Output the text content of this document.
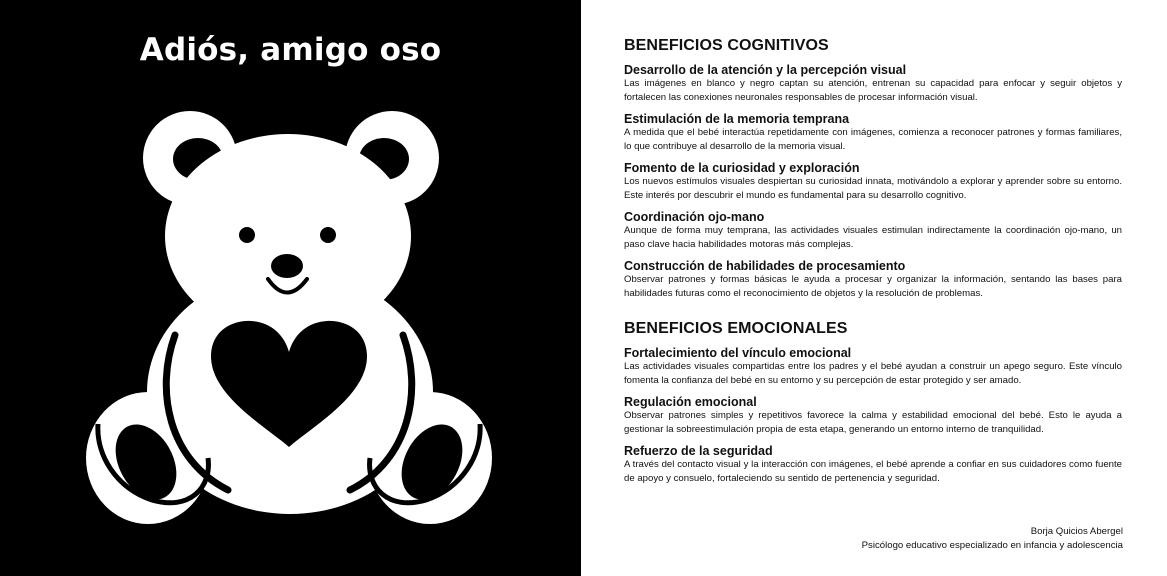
Adiós, amigo oso	BENEFICIOS COGNITIVOS

Desarrollo de la atención y la percepción visual

Las imágenes en blanco y negro captan su atención, entrenan su capacidad para enfocar y seguir objetos y fortalecen las conexiones neuronales responsables de procesar información visual.

Estimulación de la memoria temprana

A medida que el bebé interactúa repetidamente con imágenes, comienza a reconocer patrones y formas familiares, lo que contribuye al desarrollo de la memoria visual.

Fomento de la curiosidad y exploración

Los nuevos estímulos visuales despiertan su curiosidad innata, motivándolo a explorar y aprender sobre su entorno. Este interés por descubrir el mundo es fundamental para su desarrollo cognitivo.

Coordinación ojo-mano

Aunque de forma muy temprana, las actividades visuales estimulan indirectamente la coordinación ojo-mano, un paso clave hacia habilidades motoras más complejas.

Construcción de habilidades de procesamiento

Observar patrones y formas básicas le ayuda a procesar y organizar la información, sentando las bases para habilidades futuras como el reconocimiento de objetos y la resolución de problemas.

BENEFICIOS EMOCIONALES

Fortalecimiento del vínculo emocional

Las actividades visuales compartidas entre los padres y el bebé ayudan a construir un apego seguro. Este vínculo fomenta la confianza del bebé en su entorno y su percepción de estar protegido y ser amado.

Regulación emocional

Observar patrones simples y repetitivos favorece la calma y estabilidad emocional del bebé. Esto le ayuda a gestionar la sobreestimulación propia de esta etapa, generando un entorno interno de tranquilidad.

Refuerzo de la seguridad

A través del contacto visual y la interacción con imágenes, el bebé aprende a confiar en sus cuidadores como fuente de apoyo y consuelo, fortaleciendo su sentido de pertenencia y seguridad.

Borja Quicios Abergel
Psicólogo educativo especializado en infancia y adolescencia
